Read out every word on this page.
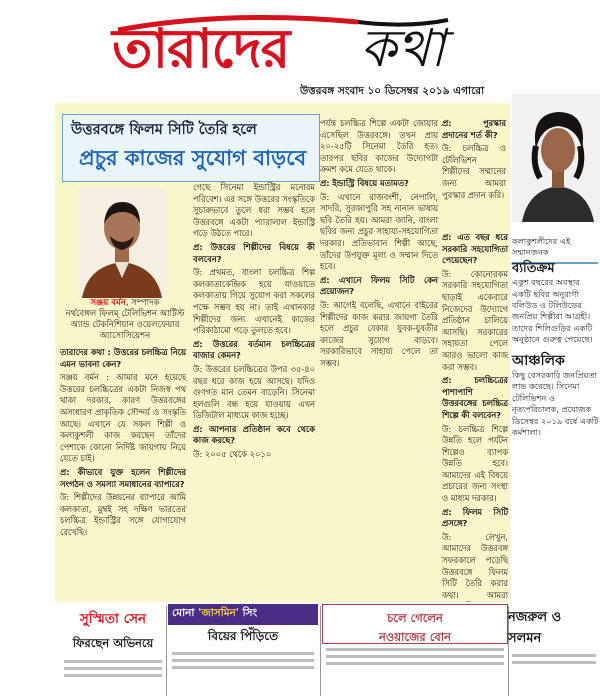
তারাদের কথা
উত্তরবঙ্গ সংবাদ ১০ ডিসেম্বর ২০১৯ এগারো
উত্তরবঙ্গে ফিলম সিটি তৈরি হলে
প্রচুর কাজের সুযোগ বাড়বে
সঞ্জয় বর্মন, সম্পাদক
নর্থবেঙ্গল ফিলম্ টেলিভিশন আর্টিস্ট অ্যান্ড টেকনিশিয়ান ওয়েলফেয়ার অ্যাসোসিয়েশন

তারাদের কথা : উত্তরের চলচ্চিত্র নিয়ে এমন ভাবনা কেন?

সঞ্জয় বর্মন : আমার মনে হয়েছে উত্তরের চলচ্চিত্রের একটা নিজস্ব পথ থাকা দরকার, কারণ উত্তরবঙ্গের অসাধারণ প্রাকৃতিক সৌন্দর্য ও সংস্কৃতি আছে। এখানে যে সকল শিল্পী ও কলাকুশলী কাজ করছেন তাঁদের পেশাকে কোনো নির্দিষ্ট জায়গায় নিয়ে যেতে চাই।

প্র: কীভাবে যুক্ত হলেন শিল্পীদের সংগঠন ও সমস্যা সমাধানের ব্যাপারে?

উ: শিল্পীদের উন্নয়নের ব্যাপারে আমি কলকাতা, মুম্বই সহ দক্ষিণ ভারতের চলচ্চিত্র ইন্ডাস্ট্রির সঙ্গে যোগাযোগ রেখেছি।

গেছে সিনেমা ইন্ডাস্ট্রির মনোরম পরিবেশ। এর সঙ্গে উত্তরের সংস্কৃতিকে সুচারুভাবে তুলে ধরা সম্ভব হলে উত্তরবঙ্গে একটা প্যারালাল ইন্ডাস্ট্রি গড়ে উঠতে পারে।

প্র: উত্তরের শিল্পীদের বিষয়ে কী বলবেন?

উ: প্রথমত, বাংলা চলচ্চিত্র শিল্প কলকাতাকেন্দ্রিক হয়ে যাওয়াতে কলকাতায় গিয়ে সুযোগ করা সকলের পক্ষে সম্ভব হয় না। তাই এখানকার শিল্পীদের জন্য এখানেই কাজের পরিকাঠামো গড়ে তুলতে হবে।

প্র: উত্তরের বর্তমান চলচ্চিত্রের বাজার কেমন?

উ: উত্তরের চলচ্চিত্রের উপর ৩৫-৪০ বছর ধরে কাজ হয়ে আসছে। যদিও গুণগত মান তেমন বাড়েনি। সিনেমা হলগুলি বন্ধ হয়ে যাওয়ায় এখন ডিজিটাল মাধ্যমে কাজ হচ্ছে।

প্র: আপনার প্রতিষ্ঠান কবে থেকে কাজ করছে?

উ: ২০০৫ থেকে ২০১০

পর্যন্ত চলচ্চিত্র শিল্পে একটা জোয়ার এসেছিল উত্তরবঙ্গে। তখন প্রায় ২০-২৫টি সিনেমা তৈরি হত। তারপর ছবির কাজের উদ্যোগটা ক্রমশ কমে যেতে থাকে।

প্র: ইন্ডাস্ট্রি বিষয়ে মতামত?

উ: এখানে রাজবংশী, নেপালি, সাদরি, সুরজাপুরি সহ নানান ভাষায় ছবি তৈরি হয়। আমরা জানি, বাংলা ছবির জন্য প্রচুর সাহায্য-সহযোগিতা দরকার। প্রতিভাবান শিল্পী আছে, তাঁদের উপযুক্ত মূল্য ও সম্মান দিতে হবে।

প্র: এখানে ফিলম সিটি কেন প্রয়োজন?

উ: আগেই বলেছি, এখানে বাইরের শিল্পীদের কাজ করার জায়গা তৈরি হলে প্রচুর বেকার যুবক-যুবতীর কাজের সুযোগ বাড়বে। সরকারিভাবে সাহায্য পেলে তা সম্ভব।

প্র: পুরস্কার প্রদানের শর্ত কী?

উ: চলচ্চিত্র ও টেলিভিশন শিল্পীদের সম্মানের জন্য আমরা পুরস্কার প্রদান করি।

প্র: এত বছর ধরে সরকারি সহযোগিতা পেয়েছেন?

উ: কোনোরকম সরকারি সহযোগিতা ছাড়াই একেবারে নিজেদের উদ্যোগে প্রতিষ্ঠান চালিয়ে আসছি। সরকারের সহায়তা পেলে আরও ভালো কাজ করা সম্ভব।

প্র: চলচ্চিত্রের পাশাপাশি উত্তরবঙ্গের চলচ্চিত্র শিল্পে কী বলবেন?

উ: চলচ্চিত্র শিল্পে উন্নতি হলে পর্যটন শিল্পেও ব্যাপক উন্নতি হবে। আমাদের এই বিষয়ে প্রচারের জন্য সংস্থা ও মাধ্যম দরকার।

প্র: ফিলম সিটি প্রসঙ্গে?

উ: লেখুন, আমাদের উত্তরবঙ্গ সফরকালে পড়েছি উত্তরবঙ্গে ফিলম সিটি তৈরি করার কথা। আমরা

কলাকুশলীদের এই সম্মানজনক

ব্যতিক্রম

একুশ বছরের অবস্থার একটি ছবির অনুরাগী বলিউড ও টলিউডের জনপ্রিয় শিল্পীরা আগ্রহী। তাদের শিলিগুড়ির একটি অনুষ্ঠানে গুরুত্ব পেয়েছে।

আঞ্চলিক

কিছু বেসরকারি জনপ্রিয়তা লাভ করেছে। সিনেমা টেলিভিশন ও নৃত্যপরিচালক, প্রযোজক ডিসেম্বর ২০১৯ বর্ষে একটি কর্মশালা।

সুস্মিতা সেন
ফিরছেন অভিনয়ে
মোনা 'জাসমিন' সিং
বিয়ের পিঁড়িতে
চলে গেলেন
নওয়াজের বোন
নজরুল ও
সলমন
